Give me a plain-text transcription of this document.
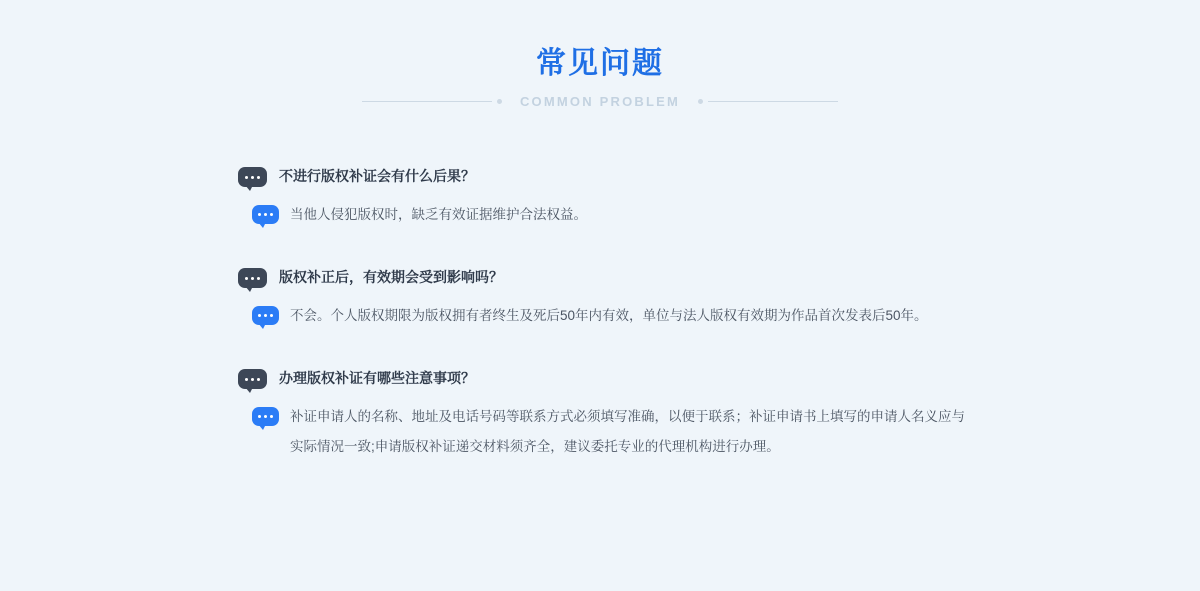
常见问题
COMMON PROBLEM
不进行版权补证会有什么后果？
当他人侵犯版权时，缺乏有效证据维护合法权益。
版权补正后，有效期会受到影响吗？
不会。个人版权期限为版权拥有者终生及死后50年内有效，单位与法人版权有效期为作品首次发表后50年。
办理版权补证有哪些注意事项？
补证申请人的名称、地址及电话号码等联系方式必须填写准确，以便于联系；补证申请书上填写的申请人名义应与实际情况一致;申请版权补证递交材料须齐全，建议委托专业的代理机构进行办理。
